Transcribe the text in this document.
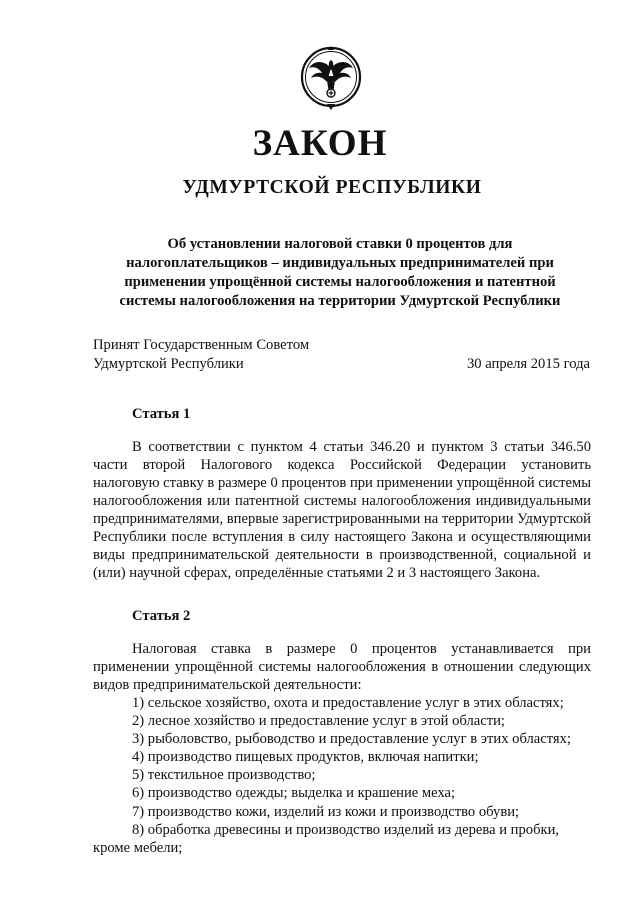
ЗАКОН
УДМУРТСКОЙ РЕСПУБЛИКИ
Об установлении налоговой ставки 0 процентов для
налогоплательщиков – индивидуальных предпринимателей при
применении упрощённой системы налогообложения и патентной
системы налогообложения на территории Удмуртской Республики
Принят Государственным Советом
Удмуртской Республики	30 апреля 2015 года
Статья 1
В соответствии с пунктом 4 статьи 346.20 и пунктом 3 статьи 346.50 части второй Налогового кодекса Российской Федерации установить налоговую ставку в размере 0 процентов при применении упрощённой системы налогообложения или патентной системы налогообложения индивидуальными предпринимателями, впервые зарегистрированными на территории Удмуртской Республики после вступления в силу настоящего Закона и осуществляющими виды предпринимательской деятельности в производственной, социальной и (или) научной сферах, определённые статьями 2 и 3 настоящего Закона.
Статья 2
Налоговая ставка в размере 0 процентов устанавливается при применении упрощённой системы налогообложения в отношении следующих видов предпринимательской деятельности:
1) сельское хозяйство, охота и предоставление услуг в этих областях;
2) лесное хозяйство и предоставление услуг в этой области;
3) рыболовство, рыбоводство и предоставление услуг в этих областях;
4) производство пищевых продуктов, включая напитки;
5) текстильное производство;
6) производство одежды; выделка и крашение меха;
7) производство кожи, изделий из кожи и производство обуви;
8) обработка древесины и производство изделий из дерева и пробки,
кроме мебели;
